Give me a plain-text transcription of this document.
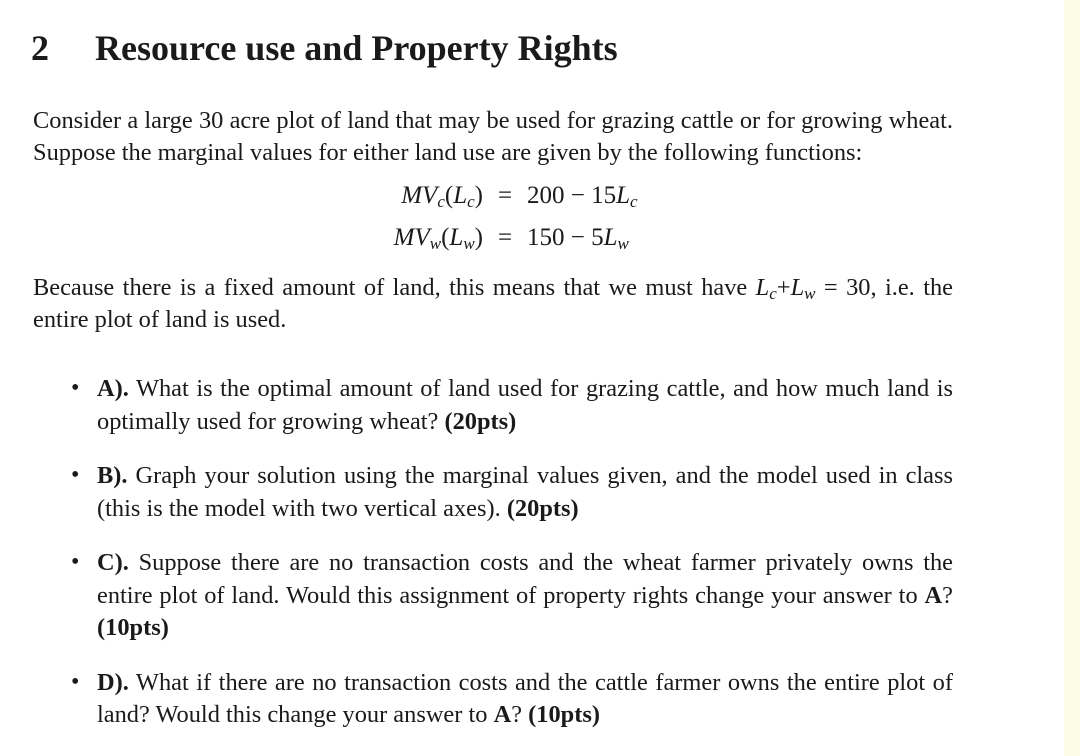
2 Resource use and Property Rights

Consider a large 30 acre plot of land that may be used for grazing cattle or for growing wheat. Suppose the marginal values for either land use are given by the following functions:

$MV_c(L_c) = 200 - 15L_c$
$MV_w(L_w) = 150 - 5L_w$

Because there is a fixed amount of land, this means that we must have $L_c+L_w = 30$, i.e. the entire plot of land is used.

• A). What is the optimal amount of land used for grazing cattle, and how much land is optimally used for growing wheat? (20pts)

• B). Graph your solution using the marginal values given, and the model used in class (this is the model with two vertical axes). (20pts)

• C). Suppose there are no transaction costs and the wheat farmer privately owns the entire plot of land. Would this assignment of property rights change your answer to A? (10pts)

• D). What if there are no transaction costs and the cattle farmer owns the entire plot of land? Would this change your answer to A? (10pts)
